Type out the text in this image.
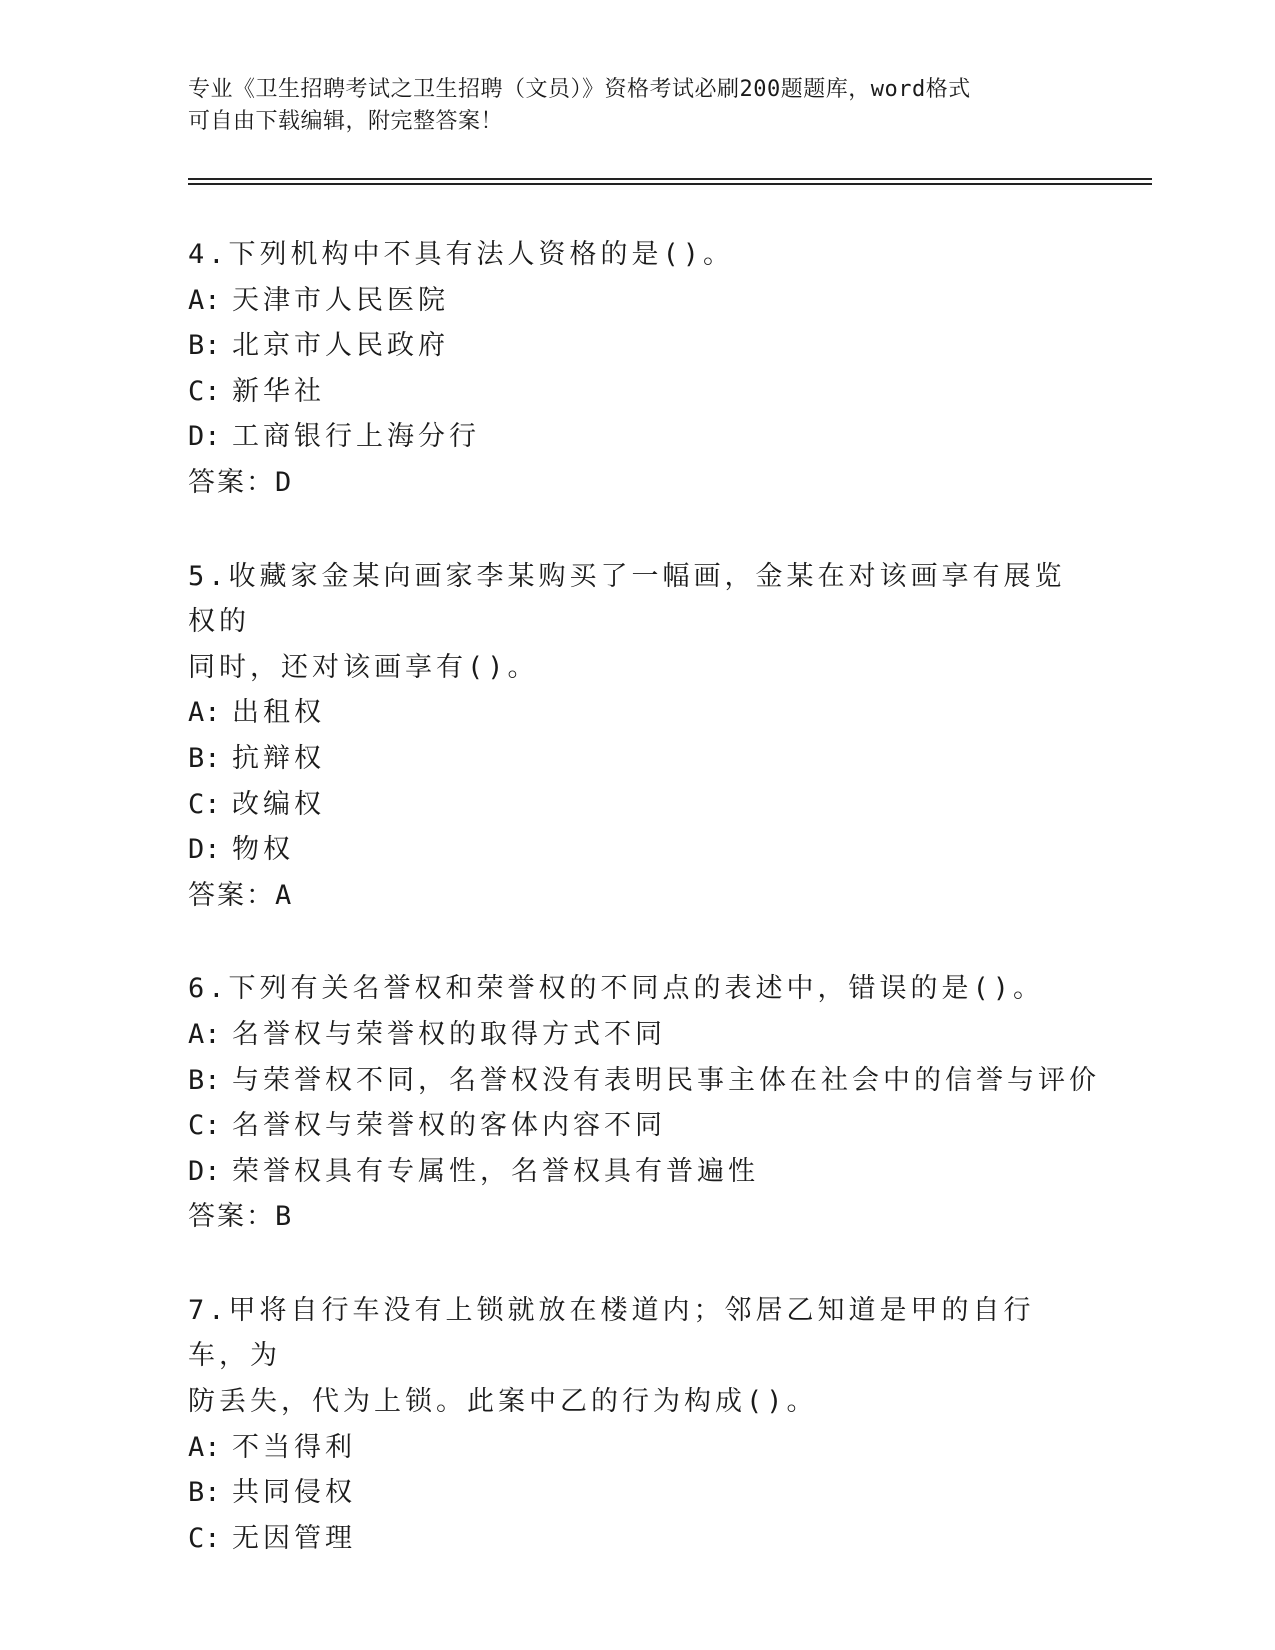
专业《卫生招聘考试之卫生招聘（文员）》资格考试必刷200题题库，word格式
可自由下载编辑，附完整答案！
4.下列机构中不具有法人资格的是()。
A: 天津市人民医院
B: 北京市人民政府
C: 新华社
D: 工商银行上海分行
答案：D
5.收藏家金某向画家李某购买了一幅画，金某在对该画享有展览权的
同时，还对该画享有()。
A: 出租权
B: 抗辩权
C: 改编权
D: 物权
答案：A
6.下列有关名誉权和荣誉权的不同点的表述中，错误的是()。
A: 名誉权与荣誉权的取得方式不同
B: 与荣誉权不同，名誉权没有表明民事主体在社会中的信誉与评价
C: 名誉权与荣誉权的客体内容不同
D: 荣誉权具有专属性，名誉权具有普遍性
答案：B
7.甲将自行车没有上锁就放在楼道内；邻居乙知道是甲的自行车，为
防丢失，代为上锁。此案中乙的行为构成()。
A: 不当得利
B: 共同侵权
C: 无因管理
